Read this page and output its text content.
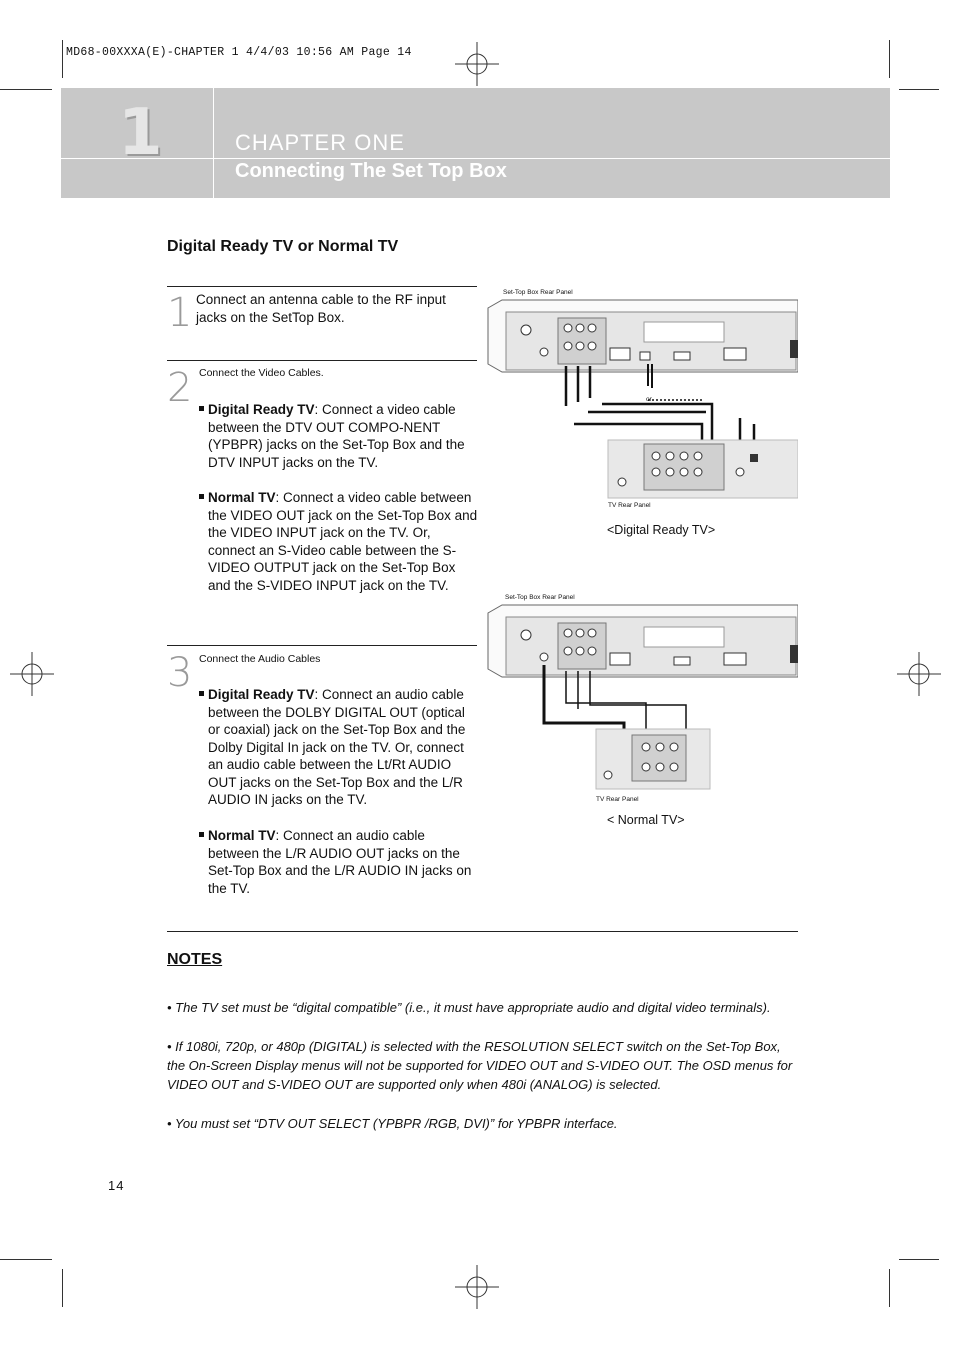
MD68-00XXXA(E)-CHAPTER 1 4/4/03 10:56 AM Page 14
1	CHAPTER ONE
Connecting The Set Top Box
Digital Ready TV or Normal TV
1 Connect an antenna cable to the RF input jacks on the SetTop Box.
2 Connect the Video Cables.
Digital Ready TV: Connect a video cable between the DTV OUT COMPO-NENT (YPBPR) jacks on the Set-Top Box and the DTV INPUT jacks on the TV.
Normal TV: Connect a video cable between the VIDEO OUT jack on the Set-Top Box and the VIDEO INPUT jack on the TV. Or, connect an S-Video cable between the S-VIDEO OUTPUT jack on the Set-Top Box and the S-VIDEO INPUT jack on the TV.
3 Connect the Audio Cables
Digital Ready TV: Connect an audio cable between the DOLBY DIGITAL OUT (optical or coaxial) jack on the Set-Top Box and the Dolby Digital In jack on the TV. Or, connect an audio cable between the Lt/Rt AUDIO OUT jacks on the Set-Top Box and the L/R AUDIO IN jacks on the TV.
Normal TV: Connect an audio cable between the L/R AUDIO OUT jacks on the Set-Top Box and the L/R AUDIO IN jacks on the TV.
Set-Top Box Rear Panel
TV Rear Panel
or
<Digital Ready TV>
Set-Top Box Rear Panel
TV Rear Panel
< Normal TV>
NOTES
• The TV set must be “digital compatible” (i.e., it must have appropriate audio and digital video terminals).
• If 1080i, 720p, or 480p (DIGITAL) is selected with the RESOLUTION SELECT switch on the Set-Top Box, the On-Screen Display menus will not be supported for VIDEO OUT and S-VIDEO OUT. The OSD menus for VIDEO OUT and S-VIDEO OUT are supported only when 480i (ANALOG) is selected.
• You must set “DTV OUT SELECT (YPBPR /RGB, DVI)” for YPBPR interface.
14
